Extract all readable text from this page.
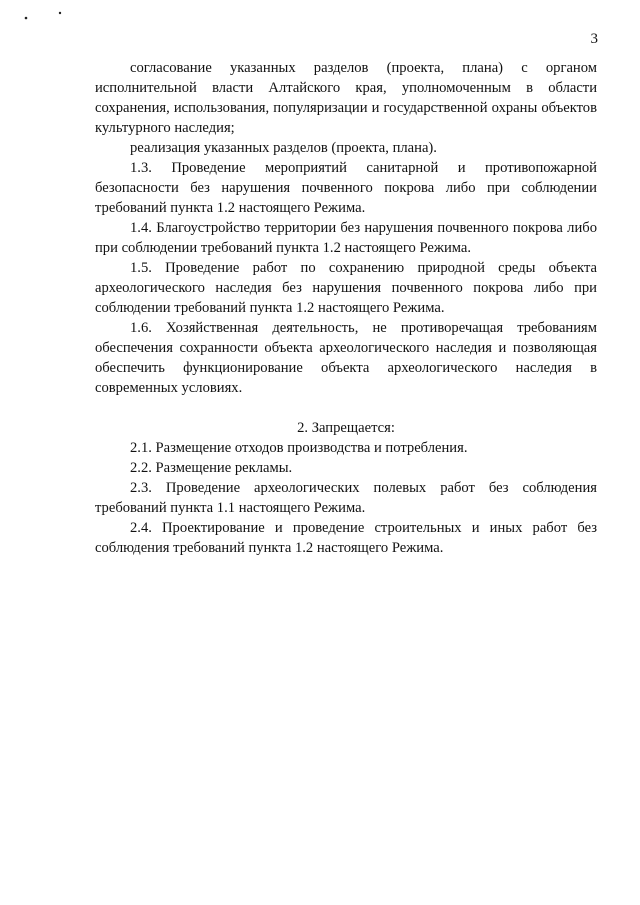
3

согласование указанных разделов (проекта, плана) с органом исполнительной власти Алтайского края, уполномоченным в области сохранения, использования, популяризации и государственной охраны объектов культурного наследия;

реализация указанных разделов (проекта, плана).

1.3. Проведение мероприятий санитарной и противопожарной безопасности без нарушения почвенного покрова либо при соблюдении требований пункта 1.2 настоящего Режима.

1.4. Благоустройство территории без нарушения почвенного покрова либо при соблюдении требований пункта 1.2 настоящего Режима.

1.5. Проведение работ по сохранению природной среды объекта археологического наследия без нарушения почвенного покрова либо при соблюдении требований пункта 1.2 настоящего Режима.

1.6. Хозяйственная деятельность, не противоречащая требованиям обеспечения сохранности объекта археологического наследия и позволяющая обеспечить функционирование объекта археологического наследия в современных условиях.

2. Запрещается:

2.1. Размещение отходов производства и потребления.

2.2. Размещение рекламы.

2.3. Проведение археологических полевых работ без соблюдения требований пункта 1.1 настоящего Режима.

2.4. Проектирование и проведение строительных и иных работ без соблюдения требований пункта 1.2 настоящего Режима.
